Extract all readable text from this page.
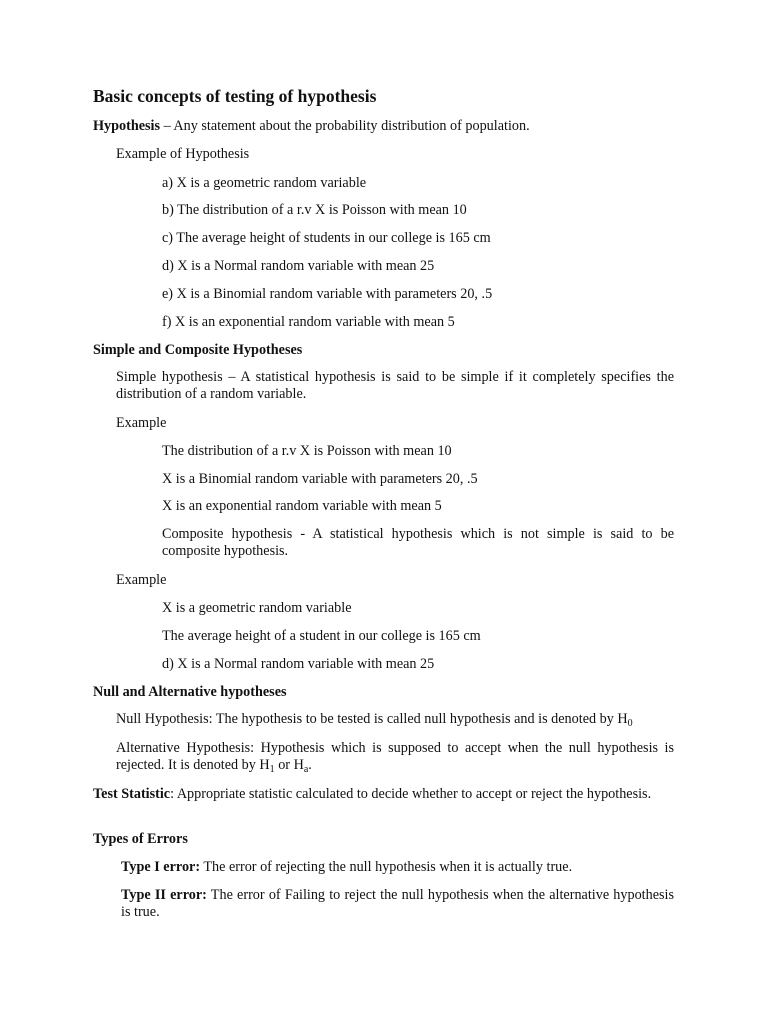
Basic concepts of testing of hypothesis
Hypothesis – Any statement about the probability distribution of population.
Example of Hypothesis
a) X is a geometric random variable
b) The distribution of a r.v X is Poisson with mean 10
c) The average height of students in our college is 165 cm
d) X is a Normal random variable with mean 25
e) X is a Binomial random variable with parameters 20, .5
f) X is an exponential random variable with mean 5
Simple and Composite Hypotheses
Simple hypothesis – A statistical hypothesis is said to be simple if it completely specifies the distribution of a random variable.
Example
The distribution of a r.v X is Poisson with mean 10
X is a Binomial random variable with parameters 20, .5
X is an exponential random variable with mean 5
Composite hypothesis - A statistical hypothesis which is not simple is said to be composite hypothesis.
Example
X is a geometric random variable
The average height of a student in our college is 165 cm
d) X is a Normal random variable with mean 25
Null and Alternative hypotheses
Null Hypothesis: The hypothesis to be tested is called null hypothesis and is denoted by $H_0$
Alternative Hypothesis: Hypothesis which is supposed to accept when the null hypothesis is rejected. It is denoted by $H_1$ or $H_a$.
Test Statistic: Appropriate statistic calculated to decide whether to accept or reject the hypothesis.
Types of Errors
Type I error: The error of rejecting the null hypothesis when it is actually true.
Type II error: The error of Failing to reject the null hypothesis when the alternative hypothesis is true.
